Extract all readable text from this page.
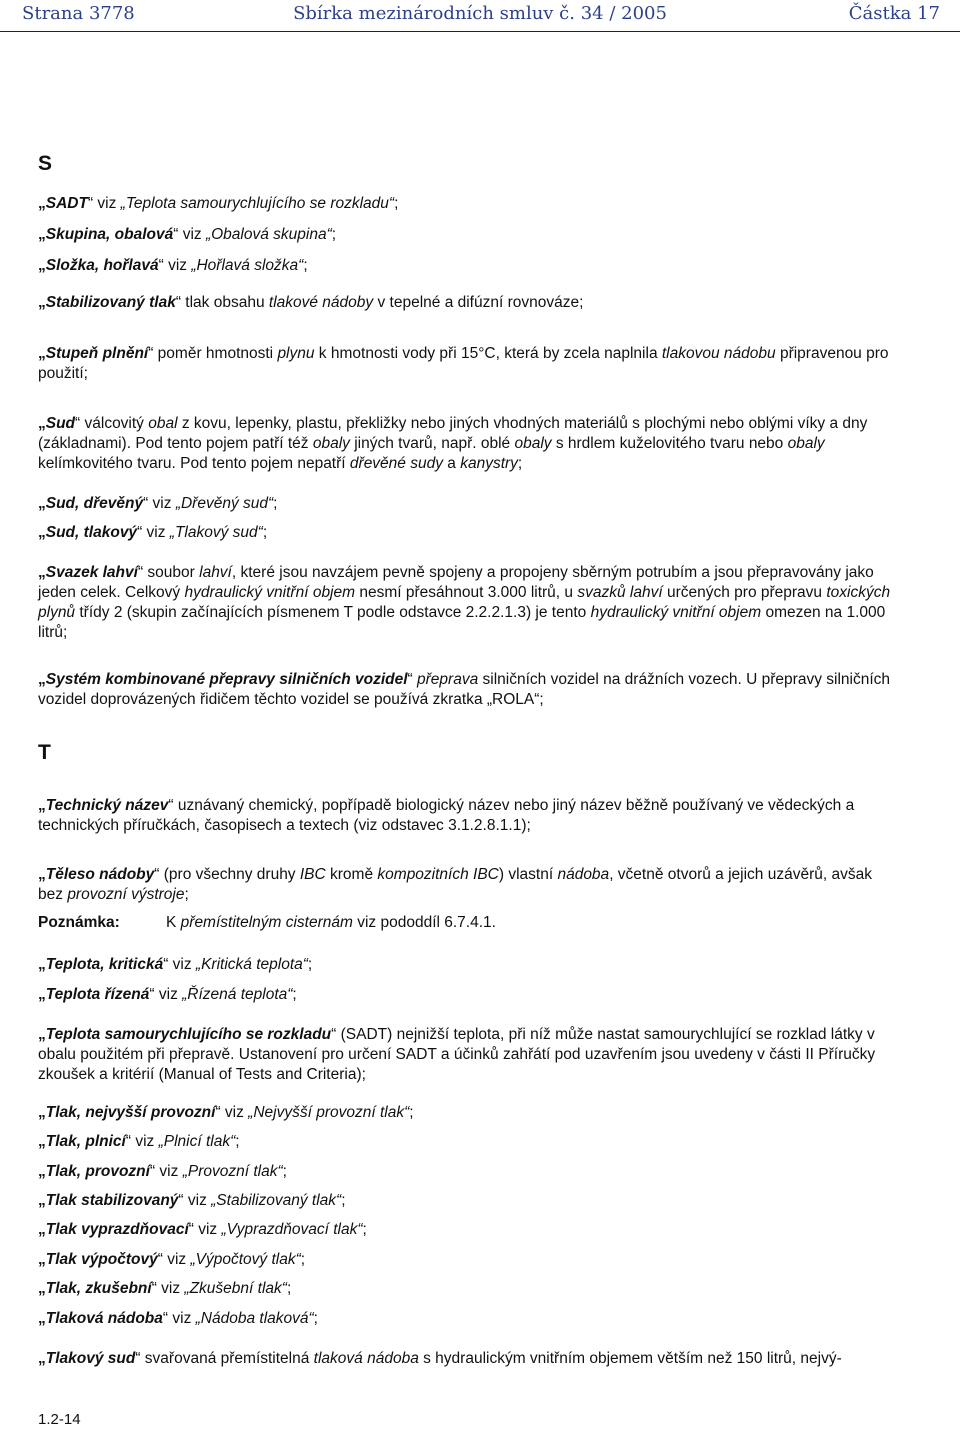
Strana 3778	Sbírka mezinárodních smluv č. 34 / 2005	Částka 17
S

„SADT“ viz „Teplota samourychlujícího se rozkladu“;

„Skupina, obalová“ viz „Obalová skupina“;

„Složka, hořlavá“ viz „Hořlavá složka“;

„Stabilizovaný tlak“ tlak obsahu tlakové nádoby v tepelné a difúzní rovnováze;

„Stupeň plnění“ poměr hmotnosti plynu k hmotnosti vody při 15°C, která by zcela naplnila tlakovou nádobu připravenou pro použití;

„Sud“ válcovitý obal z kovu, lepenky, plastu, překližky nebo jiných vhodných materiálů s plochými nebo oblými víky a dny (základnami). Pod tento pojem patří též obaly jiných tvarů, např. oblé obaly s hrdlem kuželovitého tvaru nebo obaly kelímkovitého tvaru. Pod tento pojem nepatří dřevěné sudy a kanystry;

„Sud, dřevěný“ viz „Dřevěný sud“;

„Sud, tlakový“ viz „Tlakový sud“;

„Svazek lahví“ soubor lahví, které jsou navzájem pevně spojeny a propojeny sběrným potrubím a jsou přepravovány jako jeden celek. Celkový hydraulický vnitřní objem nesmí přesáhnout 3.000 litrů, u svazků lahví určených pro přepravu toxických plynů třídy 2 (skupin začínajících písmenem T podle odstavce 2.2.2.1.3) je tento hydraulický vnitřní objem omezen na 1.000 litrů;

„Systém kombinované přepravy silničních vozidel“ přeprava silničních vozidel na drážních vozech. U přepravy silničních vozidel doprovázených řidičem těchto vozidel se používá zkratka „ROLA“;

T

„Technický název“ uznávaný chemický, popřípadě biologický název nebo jiný název běžně používaný ve vědeckých a technických příručkách, časopisech a textech (viz odstavec 3.1.2.8.1.1);

„Těleso nádoby“ (pro všechny druhy IBC kromě kompozitních IBC) vlastní nádoba, včetně otvorů a jejich uzávěrů, avšak bez provozní výstroje;

Poznámka:	K přemístitelným cisternám viz pododdíl 6.7.4.1.

„Teplota, kritická“ viz „Kritická teplota“;

„Teplota řízená“ viz „Řízená teplota“;

„Teplota samourychlujícího se rozkladu“ (SADT) nejnižší teplota, při níž může nastat samourychlující se rozklad látky v obalu použitém při přepravě. Ustanovení pro určení SADT a účinků zahřátí pod uzavřením jsou uvedeny v části II Příručky zkoušek a kritérií (Manual of Tests and Criteria);

„Tlak, nejvyšší provozní“ viz „Nejvyšší provozní tlak“;

„Tlak, plnicí“ viz „Plnicí tlak“;

„Tlak, provozní“ viz „Provozní tlak“;

„Tlak stabilizovaný“ viz „Stabilizovaný tlak“;

„Tlak vyprazdňovací“ viz „Vyprazdňovací tlak“;

„Tlak výpočtový“ viz „Výpočtový tlak“;

„Tlak, zkušební“ viz „Zkušební tlak“;

„Tlaková nádoba“ viz „Nádoba tlaková“;

„Tlakový sud“ svařovaná přemístitelná tlaková nádoba s hydraulickým vnitřním objemem větším než 150 litrů, nejvý-

1.2-14
